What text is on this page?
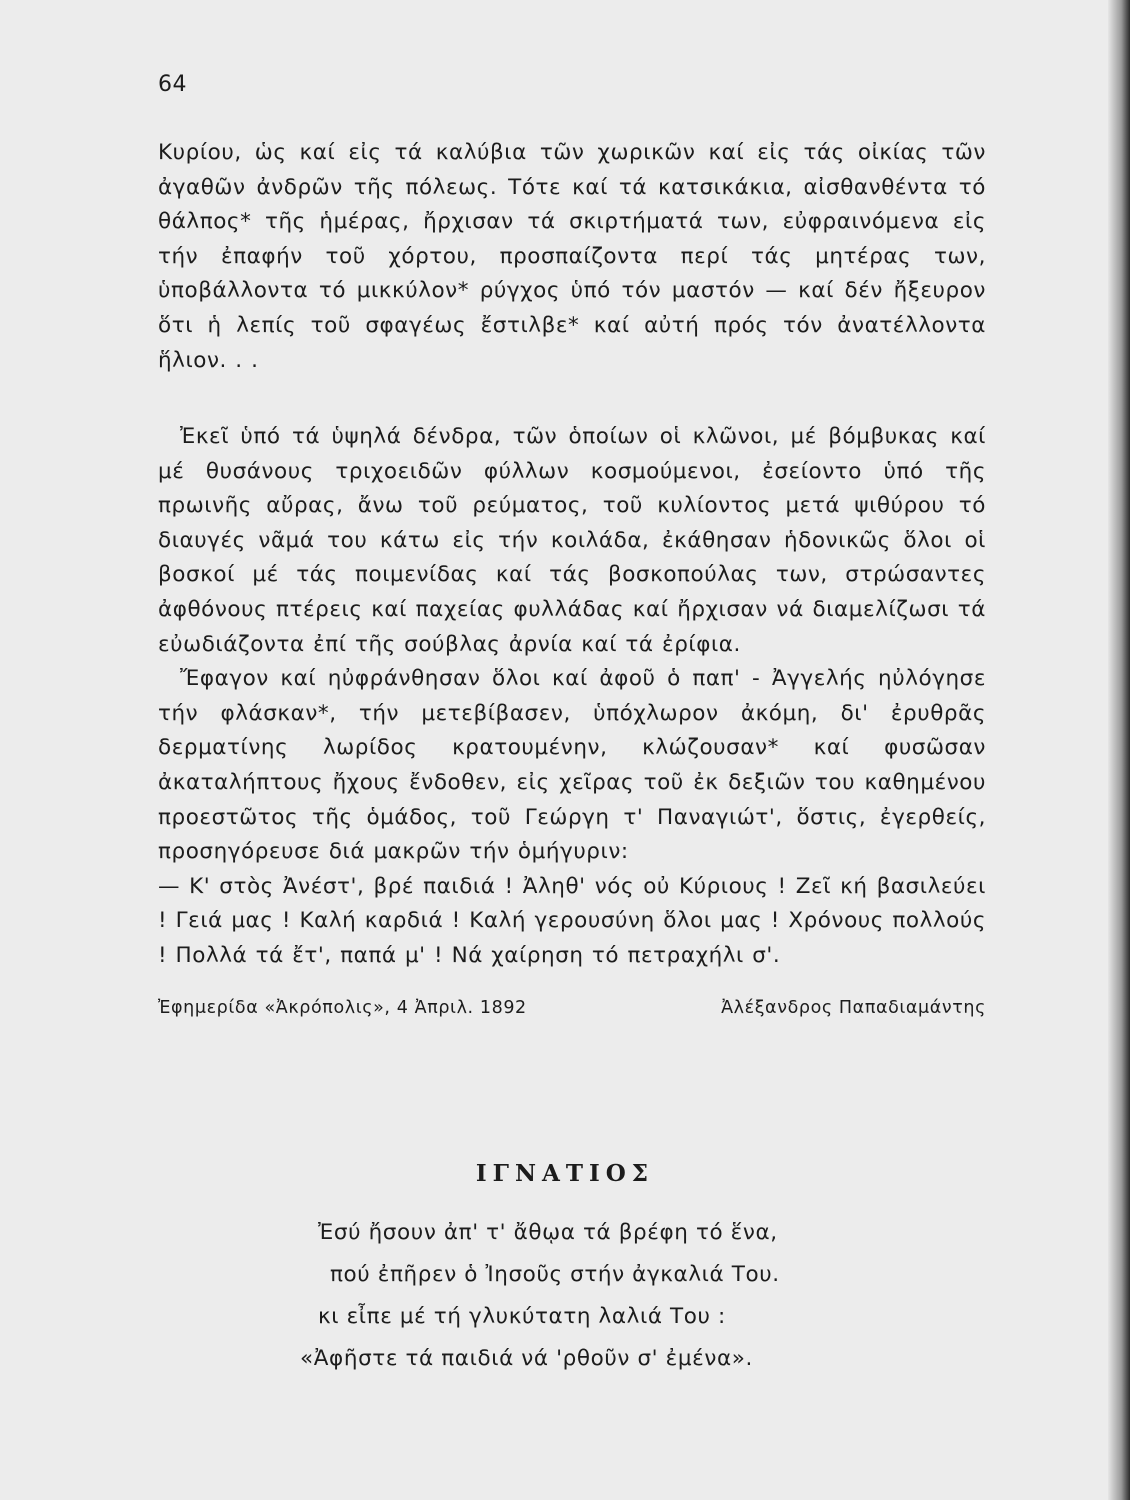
64

Κυρίου, ὡς καί εἰς τά καλύβια τῶν χωρικῶν καί εἰς τάς οἰκίας τῶν ἀγαθῶν ἀνδρῶν τῆς πόλεως. Τότε καί τά κατσικάκια, αἰσθανθέντα τό θάλπος* τῆς ἡμέρας, ἤρχισαν τά σκιρτήματά των, εὐφραινόμενα εἰς τήν ἐπαφήν τοῦ χόρτου, προσπαίζοντα περί τάς μητέρας των, ὑποβάλλοντα τό μικκύλον* ρύγχος ὑπό τόν μαστόν — καί δέν ἤξευρον ὅτι ἡ λεπίς τοῦ σφαγέως ἔστιλβε* καί αὐτή πρός τόν ἀνατέλλοντα ἥλιον. . .

Ἐκεῖ ὑπό τά ὑψηλά δένδρα, τῶν ὁποίων οἱ κλῶνοι, μέ βόμβυκας καί μέ θυσάνους τριχοειδῶν φύλλων κοσμούμενοι, ἐσείοντο ὑπό τῆς πρωινῆς αὔρας, ἄνω τοῦ ρεύματος, τοῦ κυλίοντος μετά ψιθύρου τό διαυγές νᾶμά του κάτω εἰς τήν κοιλάδα, ἐκάθησαν ἡδονικῶς ὅλοι οἱ βοσκοί μέ τάς ποιμενίδας καί τάς βοσκοπούλας των, στρώσαντες ἀφθόνους πτέρεις καί παχείας φυλλάδας καί ἤρχισαν νά διαμελίζωσι τά εὐωδιάζοντα ἐπί τῆς σούβλας ἀρνία καί τά ἐρίφια.

Ἔφαγον καί ηὐφράνθησαν ὅλοι καί ἀφοῦ ὁ παπ' - Ἀγγελής ηὐλόγησε τήν φλάσκαν*, τήν μετεβίβασεν, ὑπόχλωρον ἀκόμη, δι' ἐρυθρᾶς δερματίνης λωρίδος κρατουμένην, κλώζουσαν* καί φυσῶσαν ἀκαταλήπτους ἤχους ἔνδοθεν, εἰς χεῖρας τοῦ ἐκ δεξιῶν του καθημένου προεστῶτος τῆς ὁμάδος, τοῦ Γεώργη τ' Παναγιώτ', ὅστις, ἐγερθείς, προσηγόρευσε διά μακρῶν τήν ὁμήγυριν:

— Κ' στὸς Ἀνέστ', βρέ παιδιά ! Ἀληθ' νός οὐ Κύριους ! Ζεῖ κή βασιλεύει ! Γειά μας ! Καλή καρδιά ! Καλή γερουσύνη ὅλοι μας ! Χρόνους πολλούς ! Πολλά τά ἔτ', παπά μ' ! Νά χαίρηση τό πετραχήλι σ'.

Ἐφημερίδα «Ἀκρόπολις», 4 Ἀπριλ. 1892	Ἀλέξανδρος Παπαδιαμάντης
ΙΓΝΑΤΙΟΣ
Ἐσύ ἤσουν ἀπ' τ' ἄθῳα τά βρέφη τό ἕνα,
πού ἐπῆρεν ὁ Ἰησοῦς στήν ἀγκαλιά Του.
κι εἶπε μέ τή γλυκύτατη λαλιά Του :
«Ἀφῆστε τά παιδιά νά 'ρθοῦν σ' ἐμένα».
